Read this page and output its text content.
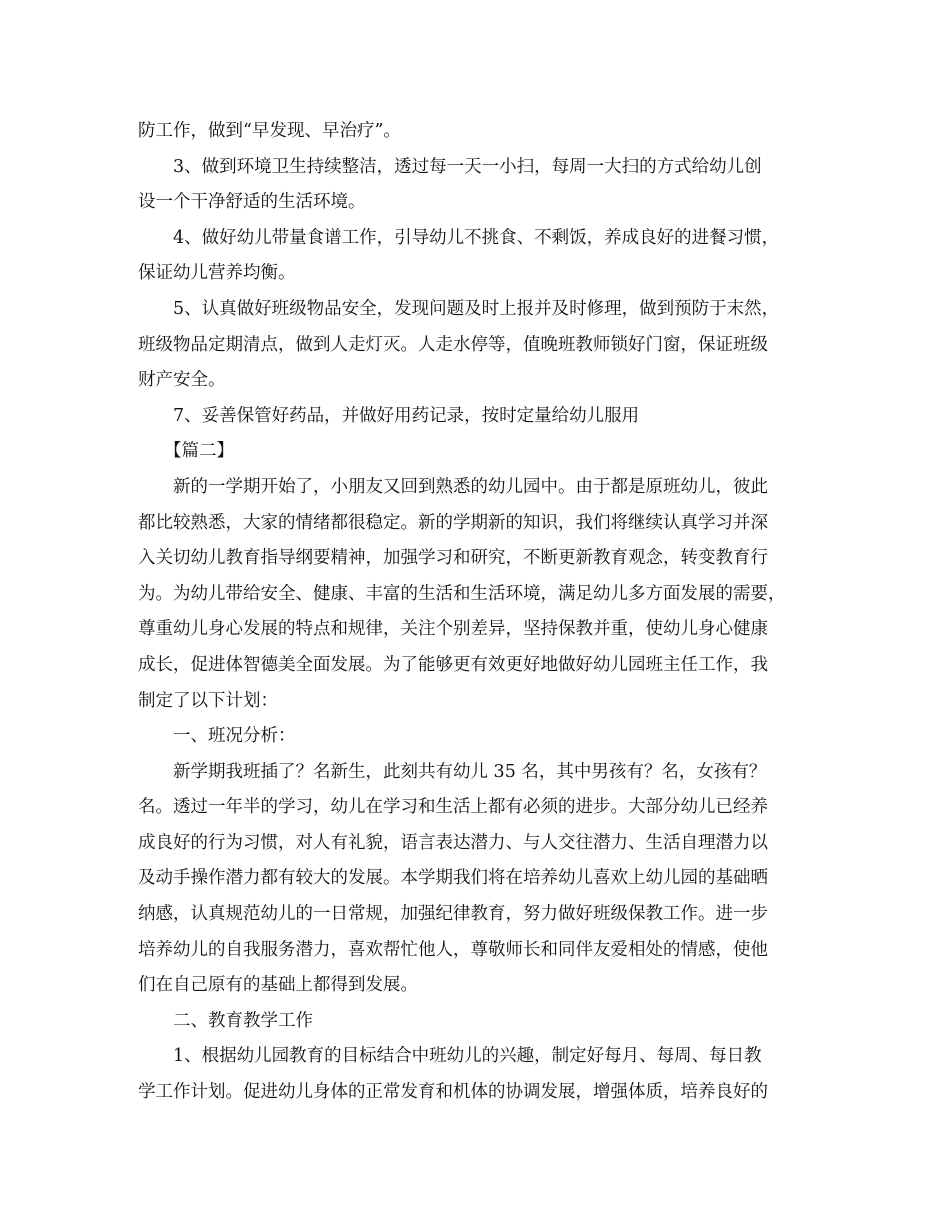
防工作，做到“早发现、早治疗”。
3、做到环境卫生持续整洁，透过每一天一小扫，每周一大扫的方式给幼儿创
设一个干净舒适的生活环境。
4、做好幼儿带量食谱工作，引导幼儿不挑食、不剩饭，养成良好的进餐习惯，
保证幼儿营养均衡。
5、认真做好班级物品安全，发现问题及时上报并及时修理，做到预防于末然，
班级物品定期清点，做到人走灯灭。人走水停等，值晚班教师锁好门窗，保证班级
财产安全。
7、妥善保管好药品，并做好用药记录，按时定量给幼儿服用
【篇二】
新的一学期开始了，小朋友又回到熟悉的幼儿园中。由于都是原班幼儿，彼此
都比较熟悉，大家的情绪都很稳定。新的学期新的知识，我们将继续认真学习并深
入关切幼儿教育指导纲要精神，加强学习和研究，不断更新教育观念，转变教育行
为。为幼儿带给安全、健康、丰富的生活和生活环境，满足幼儿多方面发展的需要，
尊重幼儿身心发展的特点和规律，关注个别差异，坚持保教并重，使幼儿身心健康
成长，促进体智德美全面发展。为了能够更有效更好地做好幼儿园班主任工作，我
制定了以下计划：
一、班况分析：
新学期我班插了？名新生，此刻共有幼儿 35 名，其中男孩有？名，女孩有？
名。透过一年半的学习，幼儿在学习和生活上都有必须的进步。大部分幼儿已经养
成良好的行为习惯，对人有礼貌，语言表达潜力、与人交往潜力、生活自理潜力以
及动手操作潜力都有较大的发展。本学期我们将在培养幼儿喜欢上幼儿园的基础晒
纳感，认真规范幼儿的一日常规，加强纪律教育，努力做好班级保教工作。进一步
培养幼儿的自我服务潜力，喜欢帮忙他人，尊敬师长和同伴友爱相处的情感，使他
们在自己原有的基础上都得到发展。
二、教育教学工作
1、根据幼儿园教育的目标结合中班幼儿的兴趣，制定好每月、每周、每日教
学工作计划。促进幼儿身体的正常发育和机体的协调发展，增强体质，培养良好的
